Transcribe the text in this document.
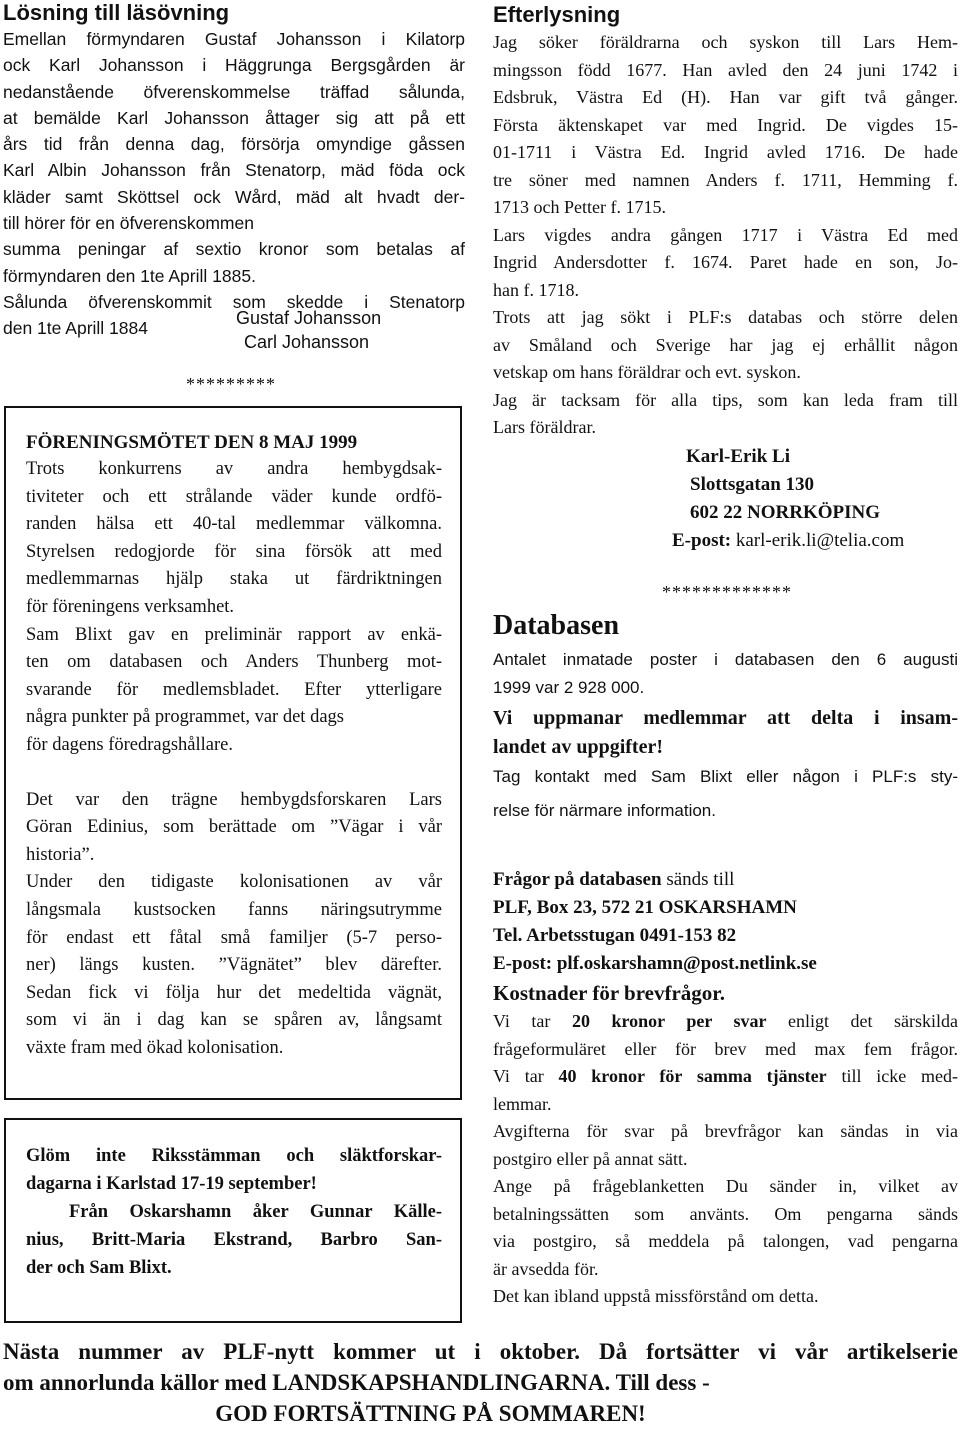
Lösning till läsövning

Emellan förmyndaren Gustaf Johansson i Kilatorp

ock Karl Johansson i Häggrunga Bergsgården är

nedanstående öfverenskommelse träffad sålunda,

at bemälde Karl Johansson åttager sig att på ett

års tid från denna dag, försörja omyndige gåssen

Karl Albin Johansson från Stenatorp, mäd föda ock

kläder samt Sköttsel ock Wård, mäd alt hvadt der-

till hörer för en öfverenskommen

summa peningar af sextio kronor som betalas af

förmyndaren den 1te Aprill 1885.

Sålunda öfverenskommit som skedde i Stenatorp

den 1te Aprill 1884

Gustaf Johansson
Carl Johansson
*********
FÖRENINGSMÖTET DEN 8 MAJ 1999

Trots konkurrens av andra hembygdsak-

tiviteter och ett strålande väder kunde ordfö-

randen hälsa ett 40-tal medlemmar välkomna.

Styrelsen redogjorde för sina försök att med

medlemmarnas hjälp staka ut färdriktningen

för föreningens verksamhet.

Sam Blixt gav en preliminär rapport av enkä-

ten om databasen och Anders Thunberg mot-

svarande för medlemsbladet. Efter ytterligare

några punkter på programmet, var det dags

för dagens föredragshållare.

Det var den trägne hembygdsforskaren Lars

Göran Edinius, som berättade om ”Vägar i vår

historia”.

Under den tidigaste kolonisationen av vår

långsmala kustsocken fanns näringsutrymme

för endast ett fåtal små familjer (5-7 perso-

ner) längs kusten. ”Vägnätet” blev därefter.

Sedan fick vi följa hur det medeltida vägnät,

som vi än i dag kan se spåren av, långsamt

växte fram med ökad kolonisation.

Glöm inte Riksstämman och släktforskar-

dagarna i Karlstad 17-19 september!

Från Oskarshamn åker Gunnar Källe-

nius, Britt-Maria Ekstrand, Barbro San-

der och Sam Blixt.

Efterlysning

Jag söker föräldrarna och syskon till Lars Hem-

mingsson född 1677. Han avled den 24 juni 1742 i

Edsbruk, Västra Ed (H). Han var gift två gånger.

Första äktenskapet var med Ingrid. De vigdes 15-

01-1711 i Västra Ed. Ingrid avled 1716. De hade

tre söner med namnen Anders f. 1711, Hemming f.

1713 och Petter f. 1715.

Lars vigdes andra gången 1717 i Västra Ed med

Ingrid Andersdotter f. 1674. Paret hade en son, Jo-

han f. 1718.

Trots att jag sökt i PLF:s databas och större delen

av Småland och Sverige har jag ej erhållit någon

vetskap om hans föräldrar och evt. syskon.

Jag är tacksam för alla tips, som kan leda fram till

Lars föräldrar.

Karl-Erik Li
Slottsgatan 130
602 22 NORRKÖPING
E-post: karl-erik.li@telia.com
*************
Databasen

Antalet inmatade poster i databasen den 6 augusti

1999 var 2 928 000.

Vi uppmanar medlemmar att delta i insam-

landet av uppgifter!

Tag kontakt med Sam Blixt eller någon i PLF:s sty-

relse för närmare information.

Frågor på databasen sänds till
PLF, Box 23, 572 21 OSKARSHAMN
Tel. Arbetsstugan 0491-153 82
E-post: plf.oskarshamn@post.netlink.se
Kostnader för brevfrågor.

Vi tar 20 kronor per svar enligt det särskilda

frågeformuläret eller för brev med max fem frågor.

Vi tar 40 kronor för samma tjänster till icke med-

lemmar.

Avgifterna för svar på brevfrågor kan sändas in via

postgiro eller på annat sätt.

Ange på frågeblanketten Du sänder in, vilket av

betalningssätten som använts. Om pengarna sänds

via postgiro, så meddela på talongen, vad pengarna

är avsedda för.

Det kan ibland uppstå missförstånd om detta.

Nästa nummer av PLF-nytt kommer ut i oktober. Då fortsätter vi vår artikelserie

om annorlunda källor med LANDSKAPSHANDLINGARNA. Till dess -

GOD FORTSÄTTNING PÅ SOMMAREN!
